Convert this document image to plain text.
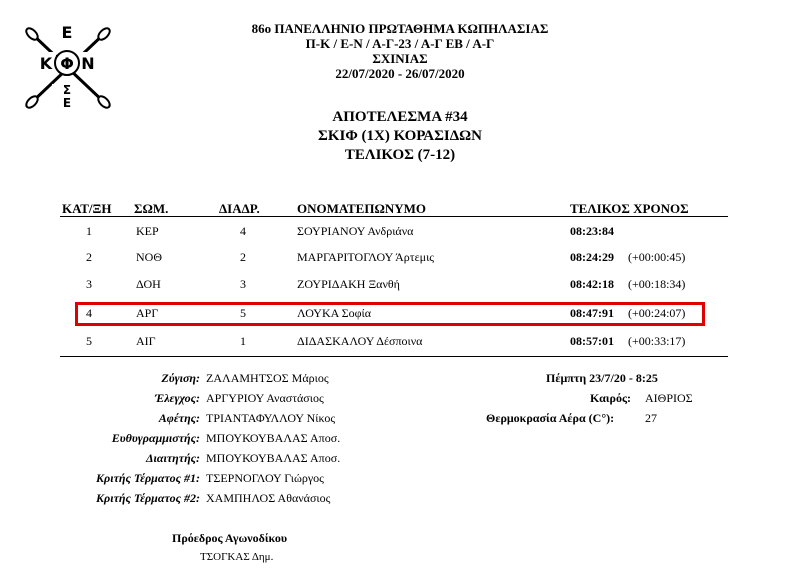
Ε
Κ Φ Ν
Σ
Ε
86ο ΠΑΝΕΛΛΗΝΙΟ ΠΡΩΤΑΘΗΜΑ ΚΩΠΗΛΑΣΙΑΣ
Π-Κ / Ε-Ν / Α-Γ-23 / Α-Γ ΕΒ / Α-Γ
ΣΧΙΝΙΑΣ
22/07/2020 - 26/07/2020
ΑΠΟΤΕΛΕΣΜΑ #34
ΣΚΙΦ (1Χ) ΚΟΡΑΣΙΔΩΝ
ΤΕΛΙΚΟΣ (7-12)
ΚΑΤ/ΞΗ ΣΩΜ.	ΔΙΑΔΡ.	ΟΝΟΜΑΤΕΠΩΝΥΜΟ	ΤΕΛΙΚΟΣ ΧΡΟΝΟΣ
1	ΚΕΡ	4	ΣΟΥΡΙΑΝΟΥ Ανδριάνα	08:23:84
2	ΝΟΘ	2	ΜΑΡΓΑΡΙΤΟΓΛΟΥ Άρτεμις	08:24:29 (+00:00:45)
3	ΔΟΗ	3	ΖΟΥΡΙΔΑΚΗ Ξανθή	08:42:18 (+00:18:34)
4	ΑΡΓ	5	ΛΟΥΚΑ Σοφία	08:47:91 (+00:24:07)
5	ΑΙΓ	1	ΔΙΔΑΣΚΑΛΟΥ Δέσποινα	08:57:01 (+00:33:17)
Ζύγιση: ΖΑΛΑΜΗΤΣΟΣ Μάριος
Έλεγχος: ΑΡΓΥΡΙΟΥ Αναστάσιος
Αφέτης: ΤΡΙΑΝΤΑΦΥΛΛΟΥ Νίκος
Ευθυγραμμιστής: ΜΠΟΥΚΟΥΒΑΛΑΣ Αποσ.
Διαιτητής: ΜΠΟΥΚΟΥΒΑΛΑΣ Αποσ.
Κριτής Τέρματος #1: ΤΣΕΡΝΟΓΛΟΥ Γιώργος
Κριτής Τέρματος #2: ΧΑΜΠΗΛΟΣ Αθανάσιος
Πέμπτη 23/7/20 - 8:25
Καιρός: ΑΙΘΡΙΟΣ
Θερμοκρασία Αέρα (C°):	27
Πρόεδρος Αγωνοδίκου
ΤΣΟΓΚΑΣ Δημ.
